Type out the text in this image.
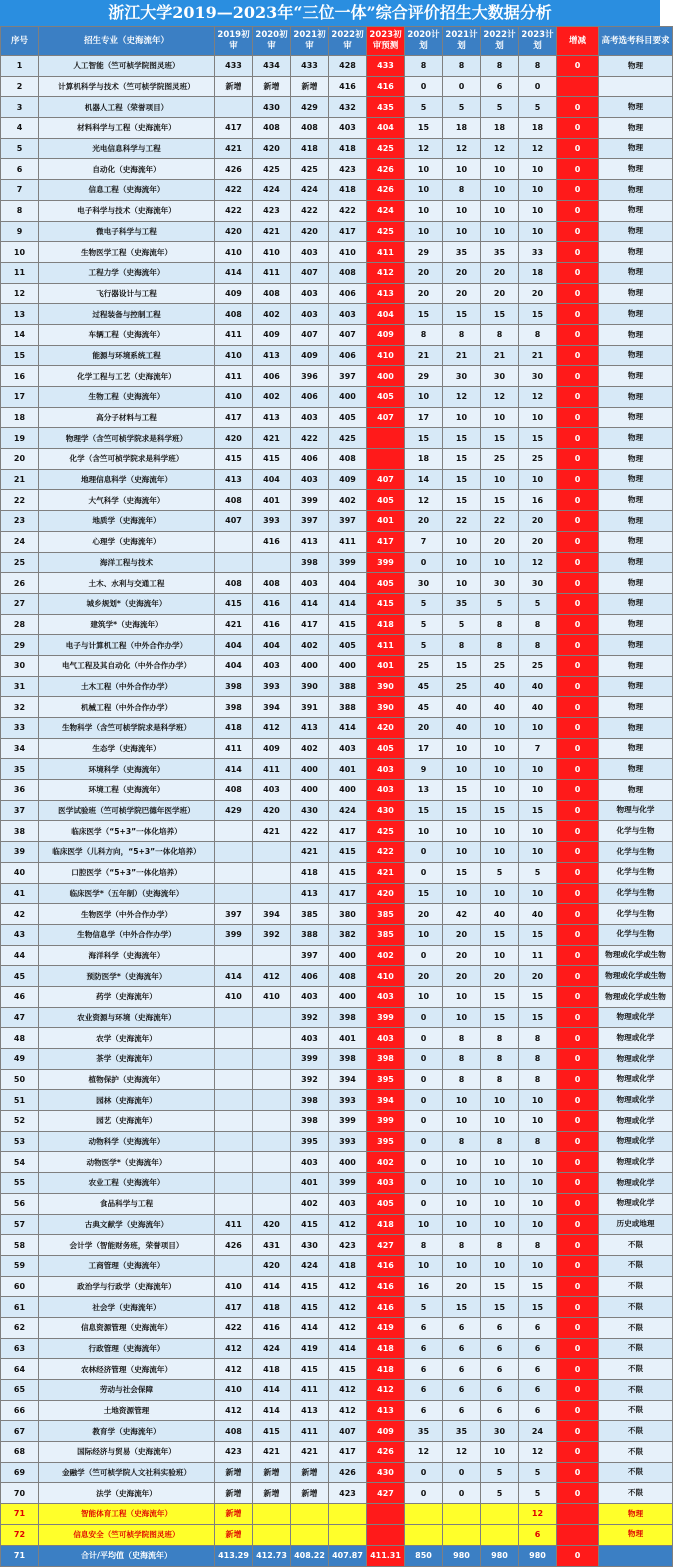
浙江大学2019—2023年“三位一体”综合评价招生大数据分析
序号	招生专业（史海流年）	2019初审	2020初审	2021初审	2022初审	2023初审预测	2020计划	2021计划	2022计划	2023计划	增减	高考选考科目要求
1	人工智能（竺可桢学院图灵班）	433	434	433	428	433	8	8	8	8	0	物理
2	计算机科学与技术（竺可桢学院图灵班）	新增	新增	新增	416	416	0	0	6	0		
3	机器人工程（荣誉项目）		430	429	432	435	5	5	5	5	0	物理
4	材料科学与工程（史海流年）	417	408	408	403	404	15	18	18	18	0	物理
5	光电信息科学与工程	421	420	418	418	425	12	12	12	12	0	物理
6	自动化（史海流年）	426	425	425	423	426	10	10	10	10	0	物理
7	信息工程（史海流年）	422	424	424	418	426	10	8	10	10	0	物理
8	电子科学与技术（史海流年）	422	423	422	422	424	10	10	10	10	0	物理
9	微电子科学与工程	420	421	420	417	425	10	10	10	10	0	物理
10	生物医学工程（史海流年）	410	410	403	410	411	29	35	35	33	0	物理
11	工程力学（史海流年）	414	411	407	408	412	20	20	20	18	0	物理
12	飞行器设计与工程	409	408	403	406	413	20	20	20	20	0	物理
13	过程装备与控制工程	408	402	403	403	404	15	15	15	15	0	物理
14	车辆工程（史海流年）	411	409	407	407	409	8	8	8	8	0	物理
15	能源与环境系统工程	410	413	409	406	410	21	21	21	21	0	物理
16	化学工程与工艺（史海流年）	411	406	396	397	400	29	30	30	30	0	物理
17	生物工程（史海流年）	410	402	406	400	405	10	12	12	12	0	物理
18	高分子材料与工程	417	413	403	405	407	17	10	10	10	0	物理
19	物理学（含竺可桢学院求是科学班）	420	421	422	425		15	15	15	15	0	物理
20	化学（含竺可桢学院求是科学班）	415	415	406	408		18	15	25	25	0	物理
21	地理信息科学（史海流年）	413	404	403	409	407	14	15	10	10	0	物理
22	大气科学（史海流年）	408	401	399	402	405	12	15	15	16	0	物理
23	地质学（史海流年）	407	393	397	397	401	20	22	22	20	0	物理
24	心理学（史海流年）		416	413	411	417	7	10	20	20	0	物理
25	海洋工程与技术			398	399	399	0	10	10	12	0	物理
26	土木、水利与交通工程	408	408	403	404	405	30	10	30	30	0	物理
27	城乡规划*（史海流年）	415	416	414	414	415	5	35	5	5	0	物理
28	建筑学*（史海流年）	421	416	417	415	418	5	5	8	8	0	物理
29	电子与计算机工程（中外合作办学）	404	404	402	405	411	5	8	8	8	0	物理
30	电气工程及其自动化（中外合作办学）	404	403	400	400	401	25	15	25	25	0	物理
31	土木工程（中外合作办学）	398	393	390	388	390	45	25	40	40	0	物理
32	机械工程（中外合作办学）	398	394	391	388	390	45	40	40	40	0	物理
33	生物科学（含竺可桢学院求是科学班）	418	412	413	414	420	20	40	10	10	0	物理
34	生态学（史海流年）	411	409	402	403	405	17	10	10	7	0	物理
35	环境科学（史海流年）	414	411	400	401	403	9	10	10	10	0	物理
36	环境工程（史海流年）	408	403	400	400	403	13	15	10	10	0	物理
37	医学试验班（竺可桢学院巴德年医学班）	429	420	430	424	430	15	15	15	15	0	物理与化学
38	临床医学（“5+3”一体化培养）		421	422	417	425	10	10	10	10	0	化学与生物
39	临床医学（儿科方向，“5+3”一体化培养）			421	415	422	0	10	10	10	0	化学与生物
40	口腔医学（“5+3”一体化培养）			418	415	421	0	15	5	5	0	化学与生物
41	临床医学*（五年制）（史海流年）			413	417	420	15	10	10	10	0	化学与生物
42	生物医学（中外合作办学）	397	394	385	380	385	20	42	40	40	0	化学与生物
43	生物信息学（中外合作办学）	399	392	388	382	385	10	20	15	15	0	化学与生物
44	海洋科学（史海流年）			397	400	402	0	20	10	11	0	物理或化学或生物
45	预防医学*（史海流年）	414	412	406	408	410	20	20	20	20	0	物理或化学或生物
46	药学（史海流年）	410	410	403	400	403	10	10	15	15	0	物理或化学或生物
47	农业资源与环境（史海流年）			392	398	399	0	10	15	15	0	物理或化学
48	农学（史海流年）			403	401	403	0	8	8	8	0	物理或化学
49	茶学（史海流年）			399	398	398	0	8	8	8	0	物理或化学
50	植物保护（史海流年）			392	394	395	0	8	8	8	0	物理或化学
51	园林（史海流年）			398	393	394	0	10	10	10	0	物理或化学
52	园艺（史海流年）			398	399	399	0	10	10	10	0	物理或化学
53	动物科学（史海流年）			395	393	395	0	8	8	8	0	物理或化学
54	动物医学*（史海流年）			403	400	402	0	10	10	10	0	物理或化学
55	农业工程（史海流年）			401	399	403	0	10	10	10	0	物理或化学
56	食品科学与工程			402	403	405	0	10	10	10	0	物理或化学
57	古典文献学（史海流年）	411	420	415	412	418	10	10	10	10	0	历史或地理
58	会计学（智能财务班，荣誉项目）	426	431	430	423	427	8	8	8	8	0	不限
59	工商管理（史海流年）		420	424	418	416	10	10	10	10	0	不限
60	政治学与行政学（史海流年）	410	414	415	412	416	16	20	15	15	0	不限
61	社会学（史海流年）	417	418	415	412	416	5	15	15	15	0	不限
62	信息资源管理（史海流年）	422	416	414	412	419	6	6	6	6	0	不限
63	行政管理（史海流年）	412	424	419	414	418	6	6	6	6	0	不限
64	农林经济管理（史海流年）	412	418	415	415	418	6	6	6	6	0	不限
65	劳动与社会保障	410	414	411	412	412	6	6	6	6	0	不限
66	土地资源管理	412	414	413	412	413	6	6	6	6	0	不限
67	教育学（史海流年）	408	415	411	407	409	35	35	30	24	0	不限
68	国际经济与贸易（史海流年）	423	421	421	417	426	12	12	10	12	0	不限
69	金融学（竺可桢学院人文社科实验班）	新增	新增	新增	426	430	0	0	5	5	0	不限
70	法学（史海流年）	新增	新增	新增	423	427	0	0	5	5	0	不限
71	智能体育工程（史海流年）	新增								12		物理
72	信息安全（竺可桢学院图灵班）	新增								6		物理
71	合计/平均值（史海流年）	413.29	412.73	408.22	407.87	411.31	850	980	980	980	0	
